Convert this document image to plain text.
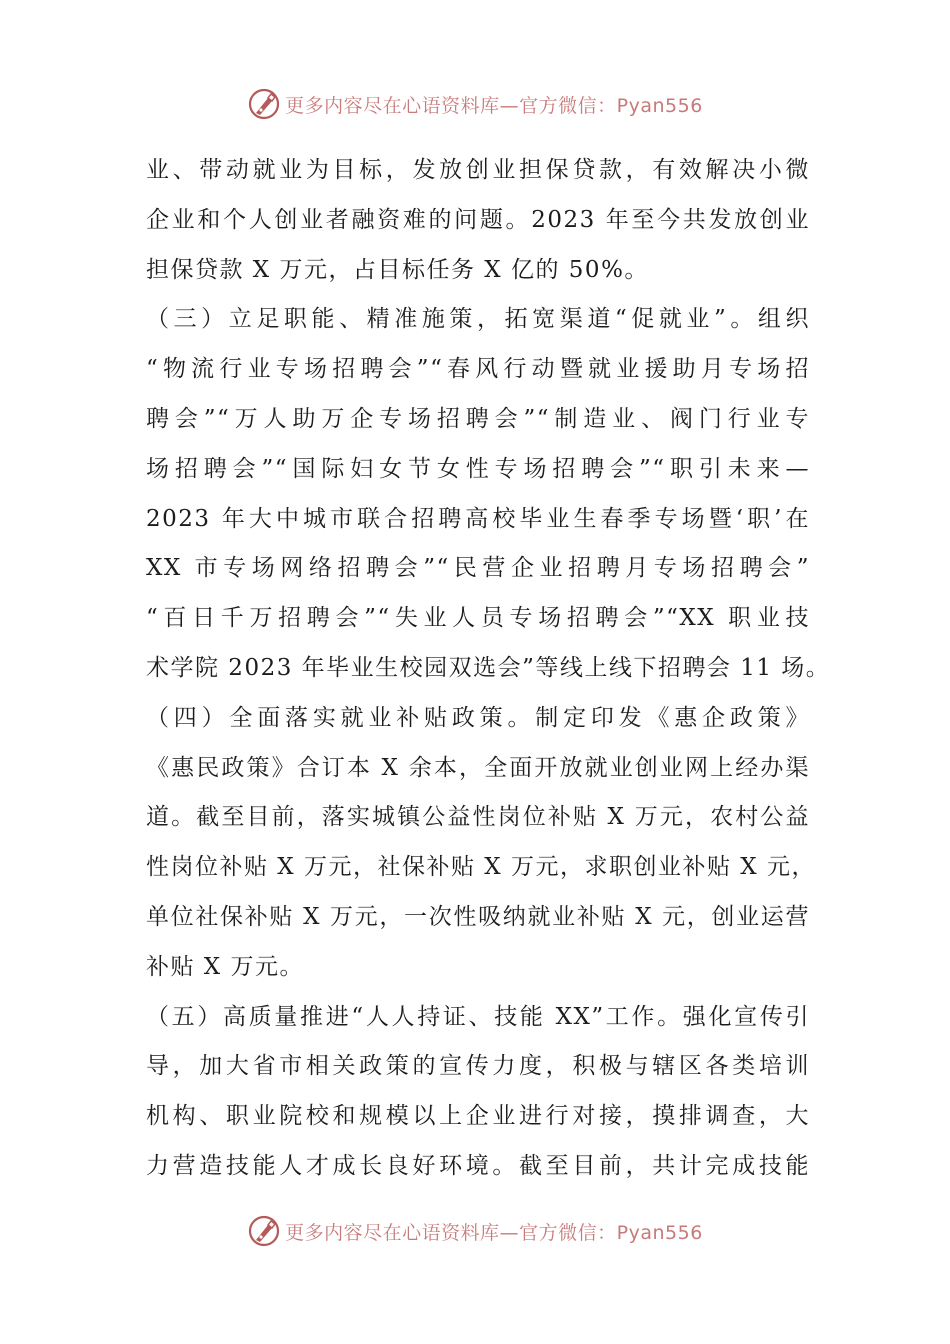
更多内容尽在心语资料库—官方微信：Pyan556

业、带动就业为目标，发放创业担保贷款，有效解决小微
企业和个人创业者融资难的问题。2023 年至今共发放创业
担保贷款 X 万元，占目标任务 X 亿的 50%。

（三）立足职能、精准施策，拓宽渠道“促就业”。组织
“物流行业专场招聘会”“春风行动暨就业援助月专场招
聘会”“万人助万企专场招聘会”“制造业、阀门行业专
场招聘会”“国际妇女节女性专场招聘会”“职引未来—
2023 年大中城市联合招聘高校毕业生春季专场暨‘职’在
XX 市专场网络招聘会”“民营企业招聘月专场招聘会”
“百日千万招聘会”“失业人员专场招聘会”“XX 职业技
术学院 2023 年毕业生校园双选会”等线上线下招聘会 11 场。

（四）全面落实就业补贴政策。制定印发《惠企政策》
《惠民政策》合订本 X 余本，全面开放就业创业网上经办渠
道。截至目前，落实城镇公益性岗位补贴 X 万元，农村公益
性岗位补贴 X 万元，社保补贴 X 万元，求职创业补贴 X 元，
单位社保补贴 X 万元，一次性吸纳就业补贴 X 元，创业运营
补贴 X 万元。

（五）高质量推进“人人持证、技能 XX”工作。强化宣传引
导，加大省市相关政策的宣传力度，积极与辖区各类培训
机构、职业院校和规模以上企业进行对接，摸排调查，大
力营造技能人才成长良好环境。截至目前，共计完成技能

更多内容尽在心语资料库—官方微信：Pyan556
